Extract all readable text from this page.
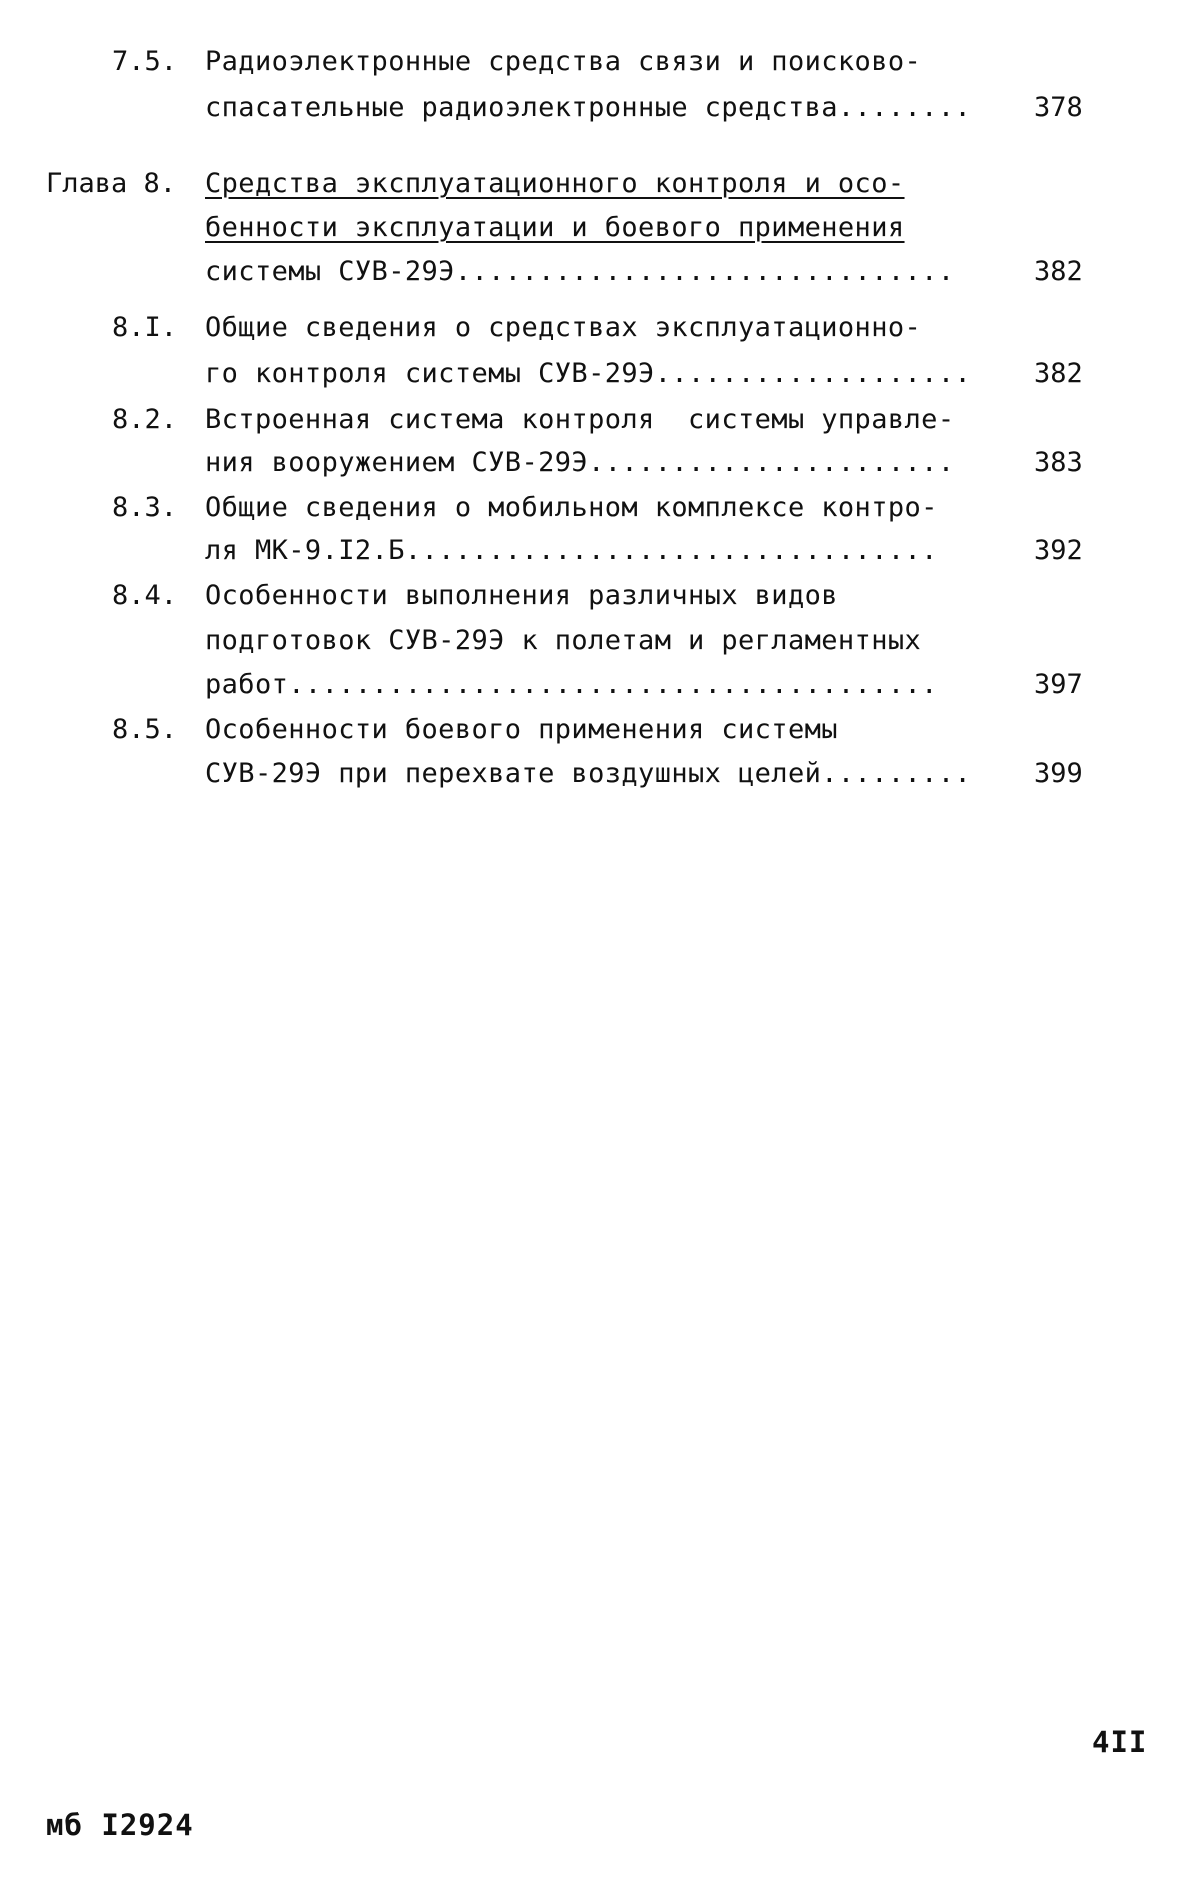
7.5. Радиоэлектронные средства связи и поисково-
спасательные радиоэлектронные средства........ 378
Глава 8. Средства эксплуатационного контроля и осо-
бенности эксплуатации и боевого применения
системы СУВ-29Э..............................	382
8.I. Общие сведения о средствах эксплуатационно-
го контроля системы СУВ-29Э................... 382
8.2. Встроенная система контроля  системы управле-
ния вооружением СУВ-29Э......................	383
8.3. Общие сведения о мобильном комплексе контро-
ля МК-9.I2.Б................................	392
8.4. Особенности выполнения различных видов
подготовок СУВ-29Э к полетам и регламентных
работ.......................................	397
8.5. Особенности боевого применения системы
СУВ-29Э при перехвате воздушных целей......... 399
4II
мб I2924
